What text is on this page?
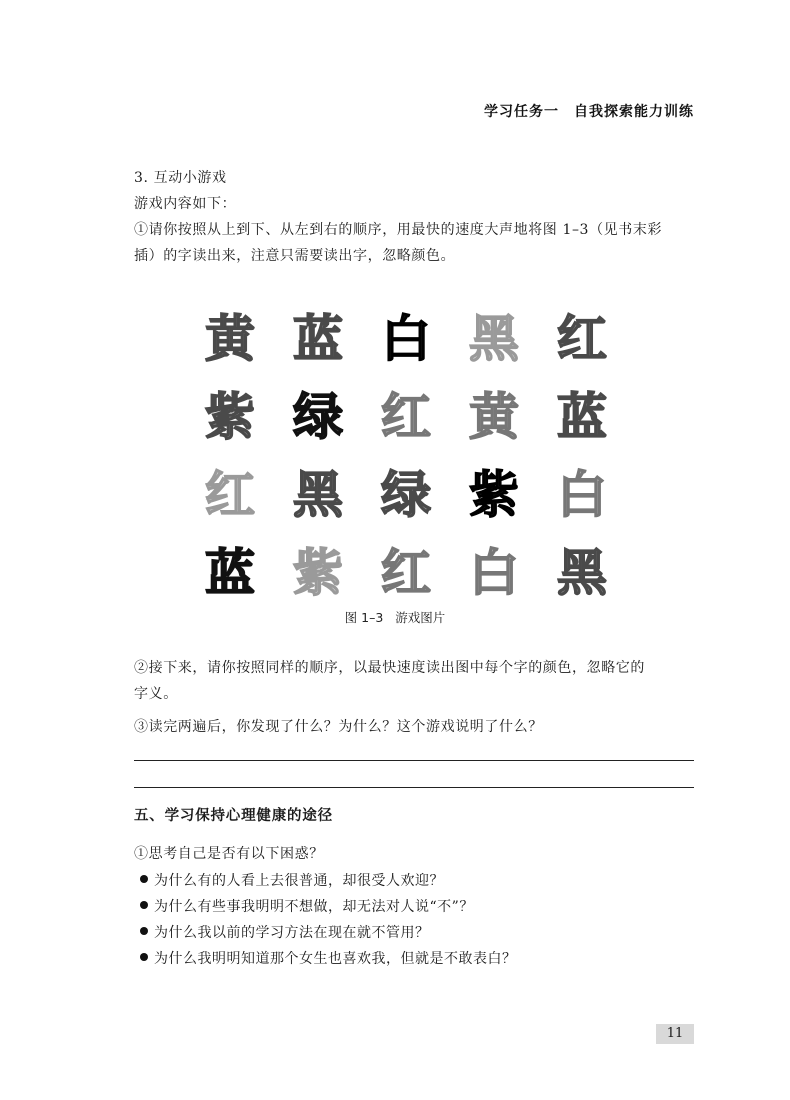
学习任务一　自我探索能力训练
3. 互动小游戏
游戏内容如下：
①请你按照从上到下、从左到右的顺序，用最快的速度大声地将图 1–3（见书末彩
插）的字读出来，注意只需要读出字，忽略颜色。
黄 蓝 白 黑 红
紫 绿 红 黄 蓝
红 黑 绿 紫 白
蓝 紫 红 白 黑
图 1–3 游戏图片
②接下来，请你按照同样的顺序，以最快速度读出图中每个字的颜色，忽略它的
字义。
③读完两遍后，你发现了什么？为什么？这个游戏说明了什么？
五、学习保持心理健康的途径
①思考自己是否有以下困惑？
为什么有的人看上去很普通，却很受人欢迎？
为什么有些事我明明不想做，却无法对人说“不”？
为什么我以前的学习方法在现在就不管用？
为什么我明明知道那个女生也喜欢我，但就是不敢表白？
11
